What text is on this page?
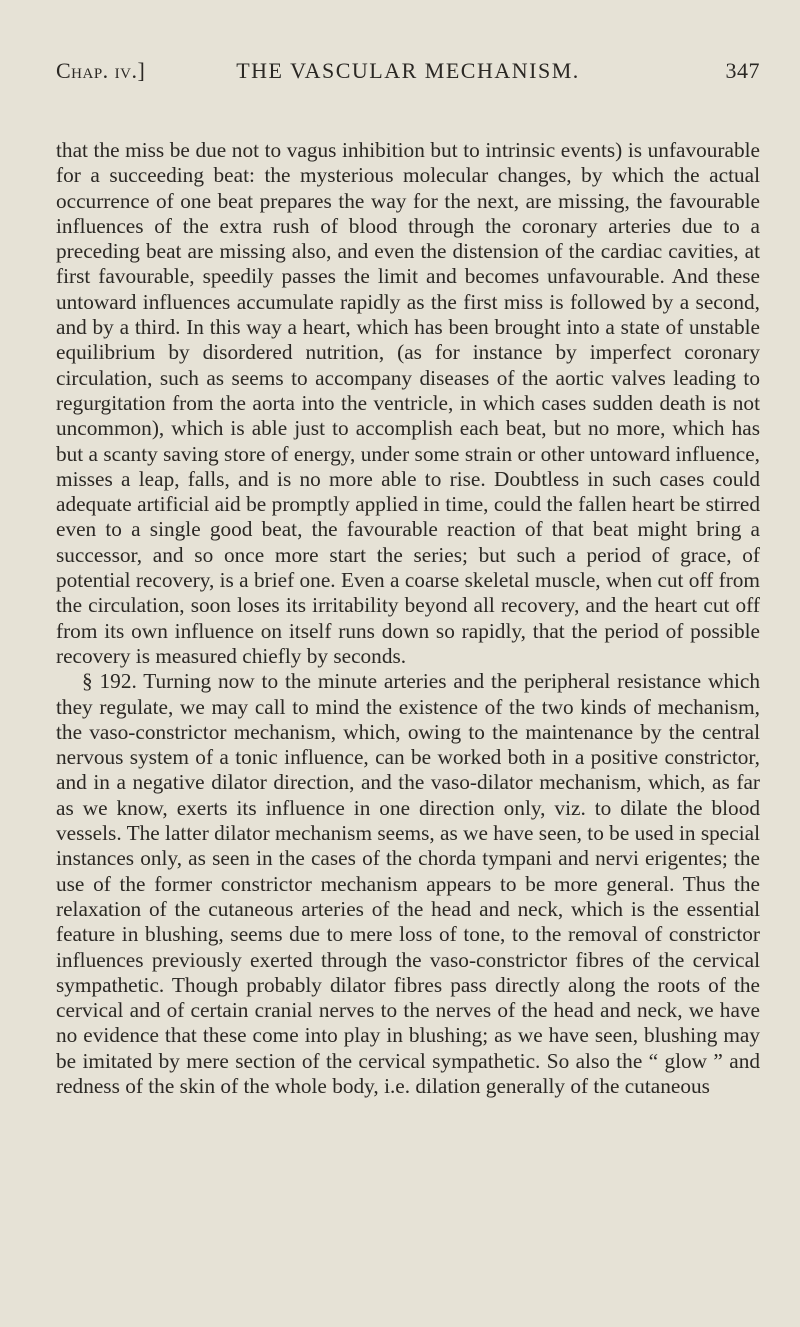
Chap. iv.]	THE VASCULAR MECHANISM.	347

that the miss be due not to vagus inhibition but to intrinsic events) is unfavourable for a succeeding beat: the mysterious molecular changes, by which the actual occurrence of one beat prepares the way for the next, are missing, the favourable influences of the extra rush of blood through the coronary arteries due to a preceding beat are missing also, and even the distension of the cardiac cavities, at first favourable, speedily passes the limit and becomes unfavourable. And these untoward influences accumulate rapidly as the first miss is followed by a second, and by a third. In this way a heart, which has been brought into a state of unstable equilibrium by disordered nutrition, (as for instance by imperfect coronary circulation, such as seems to accompany diseases of the aortic valves leading to regurgitation from the aorta into the ventricle, in which cases sudden death is not uncommon), which is able just to accomplish each beat, but no more, which has but a scanty saving store of energy, under some strain or other untoward influence, misses a leap, falls, and is no more able to rise. Doubtless in such cases could adequate artificial aid be promptly applied in time, could the fallen heart be stirred even to a single good beat, the favourable reaction of that beat might bring a successor, and so once more start the series; but such a period of grace, of potential recovery, is a brief one. Even a coarse skeletal muscle, when cut off from the circulation, soon loses its irritability beyond all recovery, and the heart cut off from its own influence on itself runs down so rapidly, that the period of possible recovery is measured chiefly by seconds.

§ 192. Turning now to the minute arteries and the peripheral resistance which they regulate, we may call to mind the existence of the two kinds of mechanism, the vaso-constrictor mechanism, which, owing to the maintenance by the central nervous system of a tonic influence, can be worked both in a positive constrictor, and in a negative dilator direction, and the vaso-dilator mechanism, which, as far as we know, exerts its influence in one direction only, viz. to dilate the blood vessels. The latter dilator mechanism seems, as we have seen, to be used in special instances only, as seen in the cases of the chorda tympani and nervi erigentes; the use of the former constrictor mechanism appears to be more general. Thus the relaxation of the cutaneous arteries of the head and neck, which is the essential feature in blushing, seems due to mere loss of tone, to the removal of constrictor influences previously exerted through the vaso-constrictor fibres of the cervical sympathetic. Though probably dilator fibres pass directly along the roots of the cervical and of certain cranial nerves to the nerves of the head and neck, we have no evidence that these come into play in blushing; as we have seen, blushing may be imitated by mere section of the cervical sympathetic. So also the “ glow ” and redness of the skin of the whole body, i.e. dilation generally of the cutaneous
